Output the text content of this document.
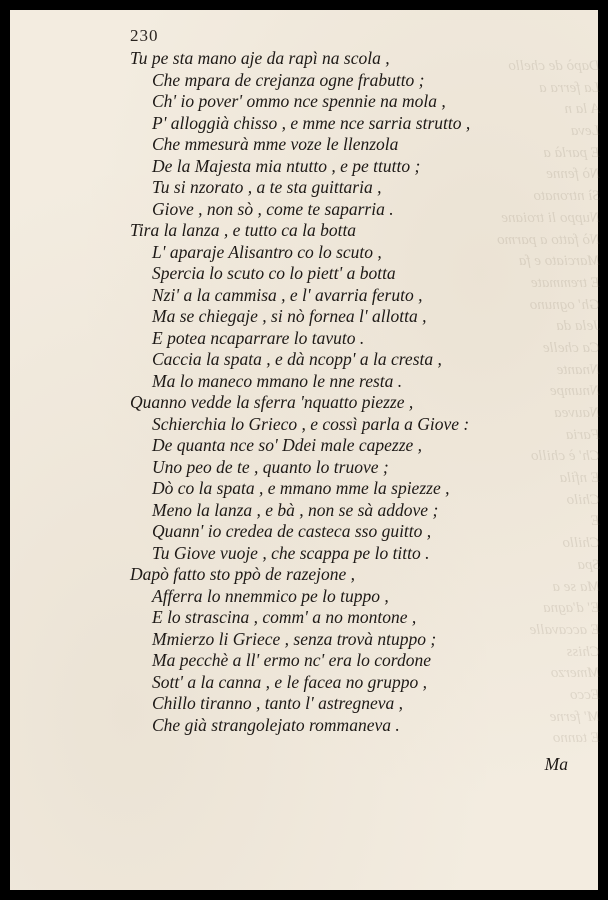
230
Dapò de chello
La ferra a
A la n
Leva
E parlà a
Nò fenne
Sì ntronato
Nuppo li troiane
Nò fatto a parmo
Marciato e fa
E tremmate
Gh' ognuno
Jela da
Ca chelle
Nnante
Nnumpe
Nauvea
Faria
Ch' è chillo
E nfila
Chilo
E
Chillo
Spa
Ma se a
E' d'agna
E accavalle
Chiss
Mmerzo
Ecco
M' ferne
E tanno
Tu pe sta mano aje da rapì na scola ,
Che mpara de crejanza ogne frabutto ;
Ch' io pover' ommo nce spennie na mola ,
P' alloggià chisso , e mme nce sarria strutto ,
Che mmesurà mme voze le llenzola
De la Majesta mia ntutto , e pe ttutto ;
Tu si nzorato , a te sta guittaria ,
Giove , non sò , come te saparria .
Tira la lanza , e tutto ca la botta
L' aparaje Alisantro co lo scuto ,
Spercia lo scuto co lo piett' a botta
Nzi' a la cammisa , e l' avarria feruto ,
Ma se chiegaje , si nò fornea l' allotta ,
E potea ncaparrare lo tavuto .
Caccia la spata , e dà ncopp' a la cresta ,
Ma lo maneco mmano le nne resta .
Quanno vedde la sferra 'nquatto piezze ,
Schierchia lo Grieco , e cossì parla a Giove :
De quanta nce so' Ddei male capezze ,
Uno peo de te , quanto lo truove ;
Dò co la spata , e mmano mme la spiezze ,
Meno la lanza , e bà , non se sà addove ;
Quann' io credea de casteca sso guitto ,
Tu Giove vuoje , che scappa pe lo titto .
Dapò fatto sto ppò de razejone ,
Afferra lo nnemmico pe lo tuppo ,
E lo strascina , comm' a no montone ,
Mmierzo li Griece , senza trovà ntuppo ;
Ma pecchè a ll' ermo nc' era lo cordone
Sott' a la canna , e le facea no gruppo ,
Chillo tiranno , tanto l' astregneva ,
Che già strangolejato rommaneva .
Ma
